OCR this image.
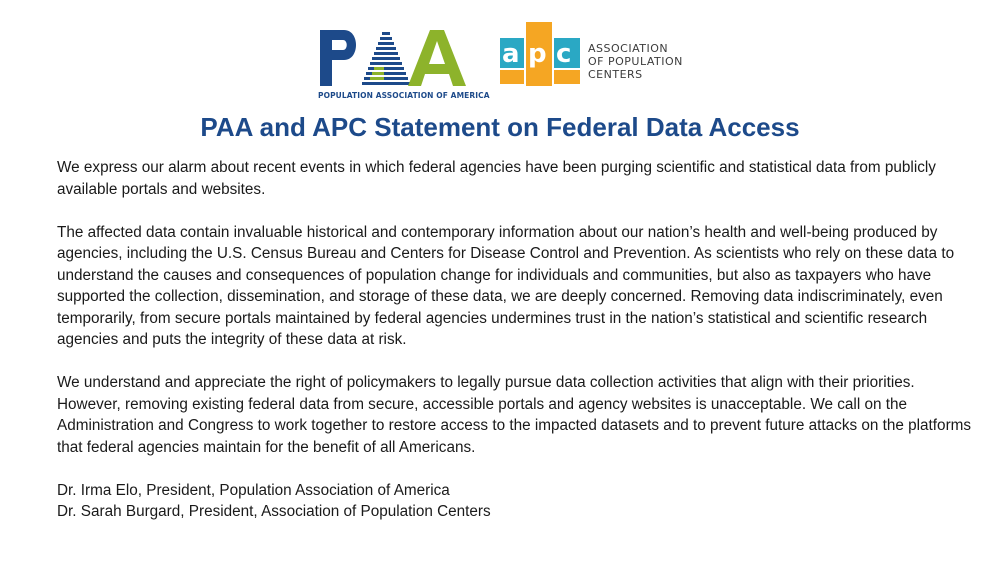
POPULATION ASSOCIATION OF AMERICA
a p c ASSOCIATION
OF POPULATION
CENTERS
PAA and APC Statement on Federal Data Access

We express our alarm about recent events in which federal agencies have been purging scientific and statistical data from publicly available portals and websites.

The affected data contain invaluable historical and contemporary information about our nation’s health and well-being produced by agencies, including the U.S. Census Bureau and Centers for Disease Control and Prevention. As scientists who rely on these data to understand the causes and consequences of population change for individuals and communities, but also as taxpayers who have supported the collection, dissemination, and storage of these data, we are deeply concerned. Removing data indiscriminately, even temporarily, from secure portals maintained by federal agencies undermines trust in the nation’s statistical and scientific research agencies and puts the integrity of these data at risk.

We understand and appreciate the right of policymakers to legally pursue data collection activities that align with their priorities. However, removing existing federal data from secure, accessible portals and agency websites is unacceptable. We call on the Administration and Congress to work together to restore access to the impacted datasets and to prevent future attacks on the platforms that federal agencies maintain for the benefit of all Americans.

Dr. Irma Elo, President, Population Association of America
Dr. Sarah Burgard, President, Association of Population Centers
